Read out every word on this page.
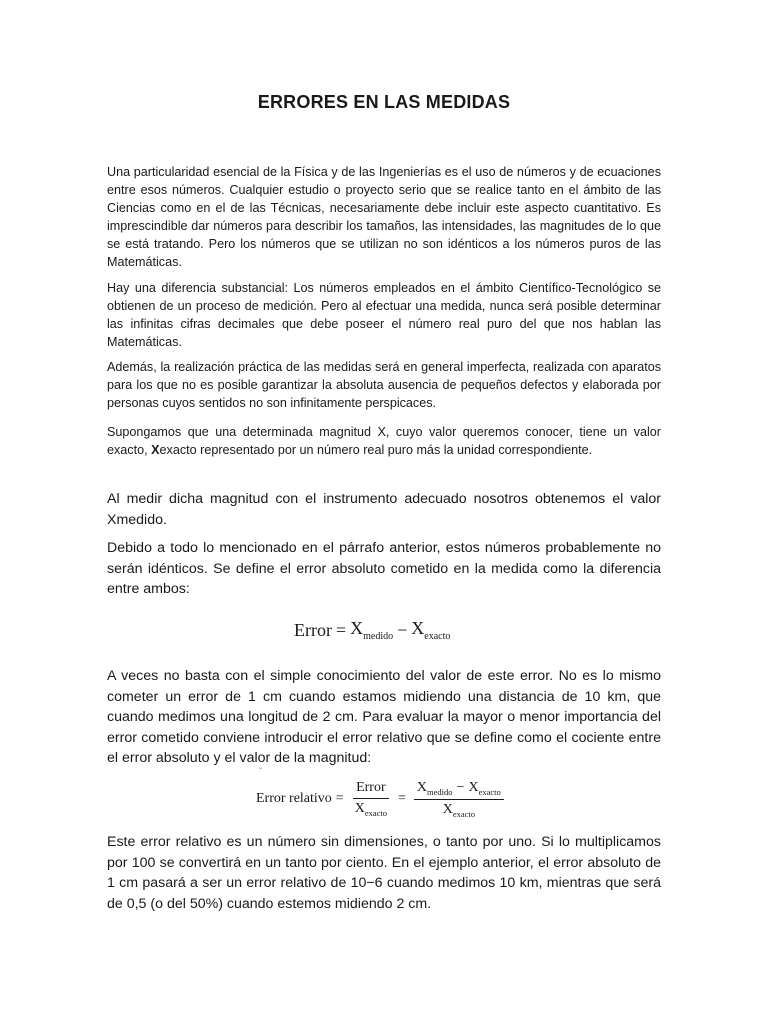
ERRORES EN LAS MEDIDAS

Una particularidad esencial de la Física y de las Ingenierías es el uso de números y de ecuaciones entre esos números. Cualquier estudio o proyecto serio que se realice tanto en el ámbito de las Ciencias como en el de las Técnicas, necesariamente debe incluir este aspecto cuantitativo. Es imprescindible dar números para describir los tamaños, las intensidades, las magnitudes de lo que se está tratando. Pero los números que se utilizan no son idénticos a los números puros de las Matemáticas.

Hay una diferencia substancial: Los números empleados en el ámbito Científico-Tecnológico se obtienen de un proceso de medición. Pero al efectuar una medida, nunca será posible determinar las infinitas cifras decimales que debe poseer el número real puro del que nos hablan las Matemáticas.

Además, la realización práctica de las medidas será en general imperfecta, realizada con aparatos para los que no es posible garantizar la absoluta ausencia de pequeños defectos y elaborada por personas cuyos sentidos no son infinitamente perspicaces.

Supongamos que una determinada magnitud X, cuyo valor queremos conocer, tiene un valor exacto, Xexacto representado por un número real puro más la unidad correspondiente.

Al medir dicha magnitud con el instrumento adecuado nosotros obtenemos el valor Xmedido.

Debido a todo lo mencionado en el párrafo anterior, estos números probablemente no serán idénticos. Se define el error absoluto cometido en la medida como la diferencia entre ambos:

Error = $X_{medido} - X_{exacto}$

A veces no basta con el simple conocimiento del valor de este error. No es lo mismo cometer un error de 1 cm cuando estamos midiendo una distancia de 10 km, que cuando medimos una longitud de 2 cm. Para evaluar la mayor o menor importancia del error cometido conviene introducir el error relativo que se define como el cociente entre el error absoluto y el valor de la magnitud:

˘
Error relativo = $\frac{\text{Error}}{X_{exacto}} = \frac{X_{medido} - X_{exacto}}{X_{exacto}}$

Este error relativo es un número sin dimensiones, o tanto por uno. Si lo multiplicamos por 100 se convertirá en un tanto por ciento. En el ejemplo anterior, el error absoluto de 1 cm pasará a ser un error relativo de 10−6 cuando medimos 10 km, mientras que será de 0,5 (o del 50%) cuando estemos midiendo 2 cm.
